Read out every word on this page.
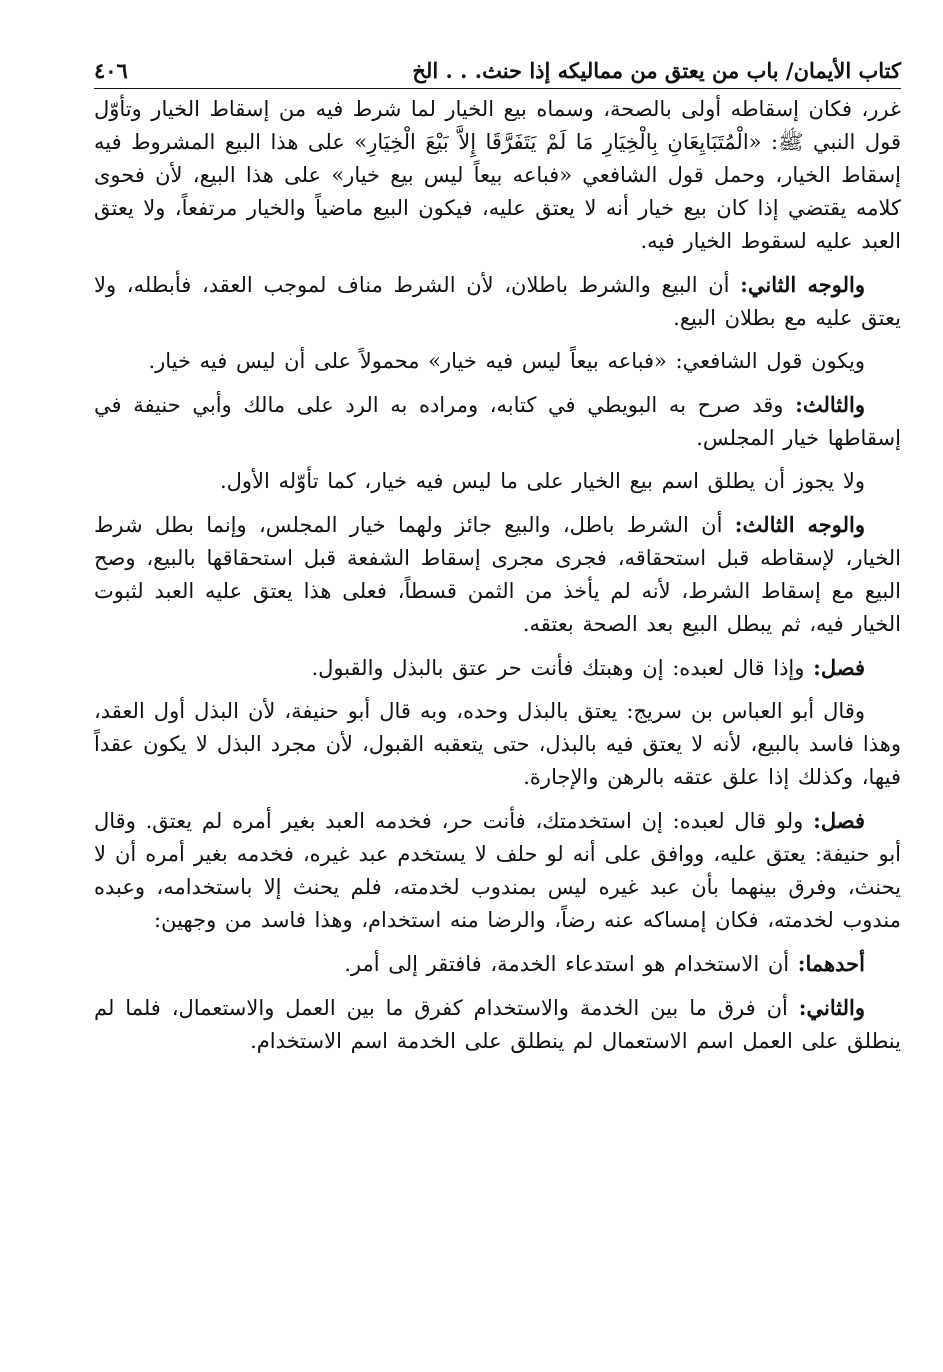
كتاب الأيمان/ باب من يعتق من مماليكه إذا حنث. . . الخ
٤٠٦

غرر، فكان إسقاطه أولى بالصحة، وسماه بيع الخيار لما شرط فيه من إسقاط الخيار وتأوّل قول النبي ﷺ: «الْمُتَبَايِعَانِ بِالْخِيَارِ مَا لَمْ يَتَفَرَّقَا إِلاَّ بَيْعَ الْخِيَارِ» على هذا البيع المشروط فيه إسقاط الخيار، وحمل قول الشافعي «فباعه بيعاً ليس بيع خيار» على هذا البيع، لأن فحوى كلامه يقتضي إذا كان بيع خيار أنه لا يعتق عليه، فيكون البيع ماضياً والخيار مرتفعاً، ولا يعتق العبد عليه لسقوط الخيار فيه.

والوجه الثاني: أن البيع والشرط باطلان، لأن الشرط مناف لموجب العقد، فأبطله، ولا يعتق عليه مع بطلان البيع.

ويكون قول الشافعي: «فباعه بيعاً ليس فيه خيار» محمولاً على أن ليس فيه خيار.

والثالث: وقد صرح به البويطي في كتابه، ومراده به الرد على مالك وأبي حنيفة في إسقاطها خيار المجلس.

ولا يجوز أن يطلق اسم بيع الخيار على ما ليس فيه خيار، كما تأوّله الأول.

والوجه الثالث: أن الشرط باطل، والبيع جائز ولهما خيار المجلس، وإنما بطل شرط الخيار، لإسقاطه قبل استحقاقه، فجرى مجرى إسقاط الشفعة قبل استحقاقها بالبيع، وصح البيع مع إسقاط الشرط، لأنه لم يأخذ من الثمن قسطاً، فعلى هذا يعتق عليه العبد لثبوت الخيار فيه، ثم يبطل البيع بعد الصحة بعتقه.

فصل: وإذا قال لعبده: إن وهبتك فأنت حر عتق بالبذل والقبول.

وقال أبو العباس بن سريج: يعتق بالبذل وحده، وبه قال أبو حنيفة، لأن البذل أول العقد، وهذا فاسد بالبيع، لأنه لا يعتق فيه بالبذل، حتى يتعقبه القبول، لأن مجرد البذل لا يكون عقداً فيها، وكذلك إذا علق عتقه بالرهن والإجارة.

فصل: ولو قال لعبده: إن استخدمتك، فأنت حر، فخدمه العبد بغير أمره لم يعتق. وقال أبو حنيفة: يعتق عليه، ووافق على أنه لو حلف لا يستخدم عبد غيره، فخدمه بغير أمره أن لا يحنث، وفرق بينهما بأن عبد غيره ليس بمندوب لخدمته، فلم يحنث إلا باستخدامه، وعبده مندوب لخدمته، فكان إمساكه عنه رضاً، والرضا منه استخدام، وهذا فاسد من وجهين:

أحدهما: أن الاستخدام هو استدعاء الخدمة، فافتقر إلى أمر.

والثاني: أن فرق ما بين الخدمة والاستخدام كفرق ما بين العمل والاستعمال، فلما لم ينطلق على العمل اسم الاستعمال لم ينطلق على الخدمة اسم الاستخدام.
